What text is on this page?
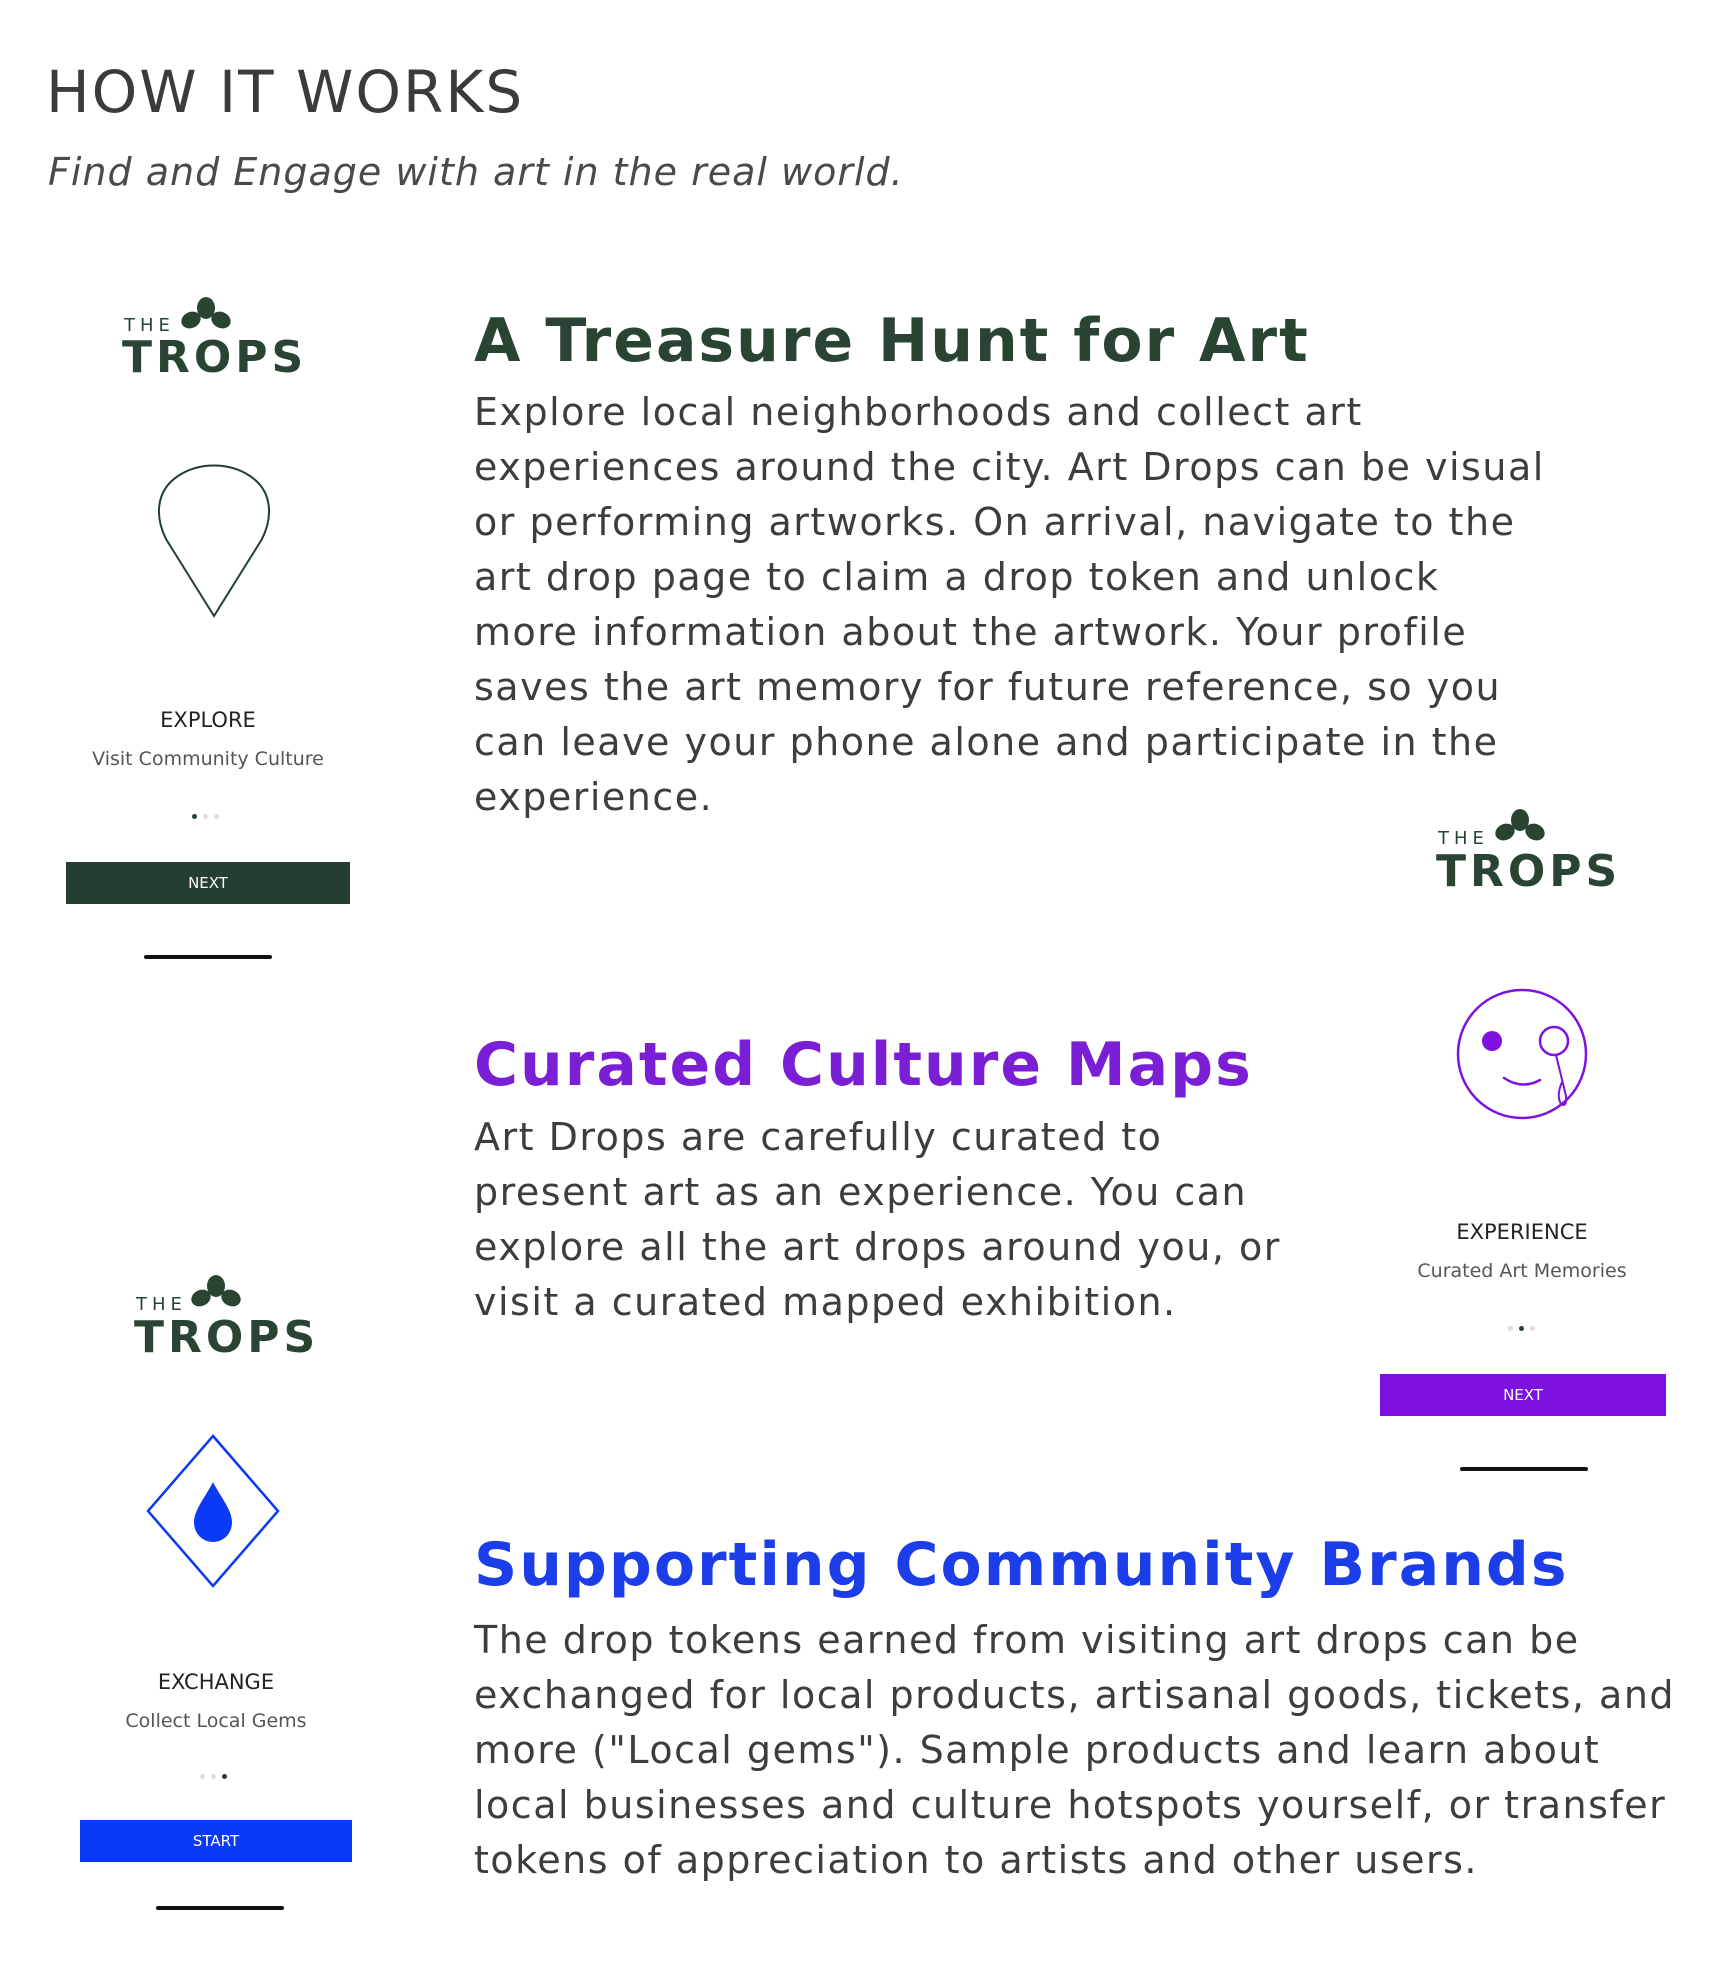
HOW IT WORKS
Find and Engage with art in the real world.
A Treasure Hunt for Art

Explore local neighborhoods and collect art experiences around the city. Art Drops can be visual or performing artworks. On arrival, navigate to the art drop page to claim a drop token and unlock more information about the artwork. Your profile saves the art memory for future reference, so you can leave your phone alone and participate in the experience.

Curated Culture Maps

Art Drops are carefully curated to present art as an experience. You can explore all the art drops around you, or visit a curated mapped exhibition.

Supporting Community Brands

The drop tokens earned from visiting art drops can be exchanged for local products, artisanal goods, tickets, and more ("Local gems"). Sample products and learn about local businesses and culture hotspots yourself, or transfer tokens of appreciation to artists and other users.

THE
TROPS
EXPLORE
Visit Community Culture
NEXT
THE
TROPS
EXPERIENCE
Curated Art Memories
NEXT
THE
TROPS
EXCHANGE
Collect Local Gems
START
